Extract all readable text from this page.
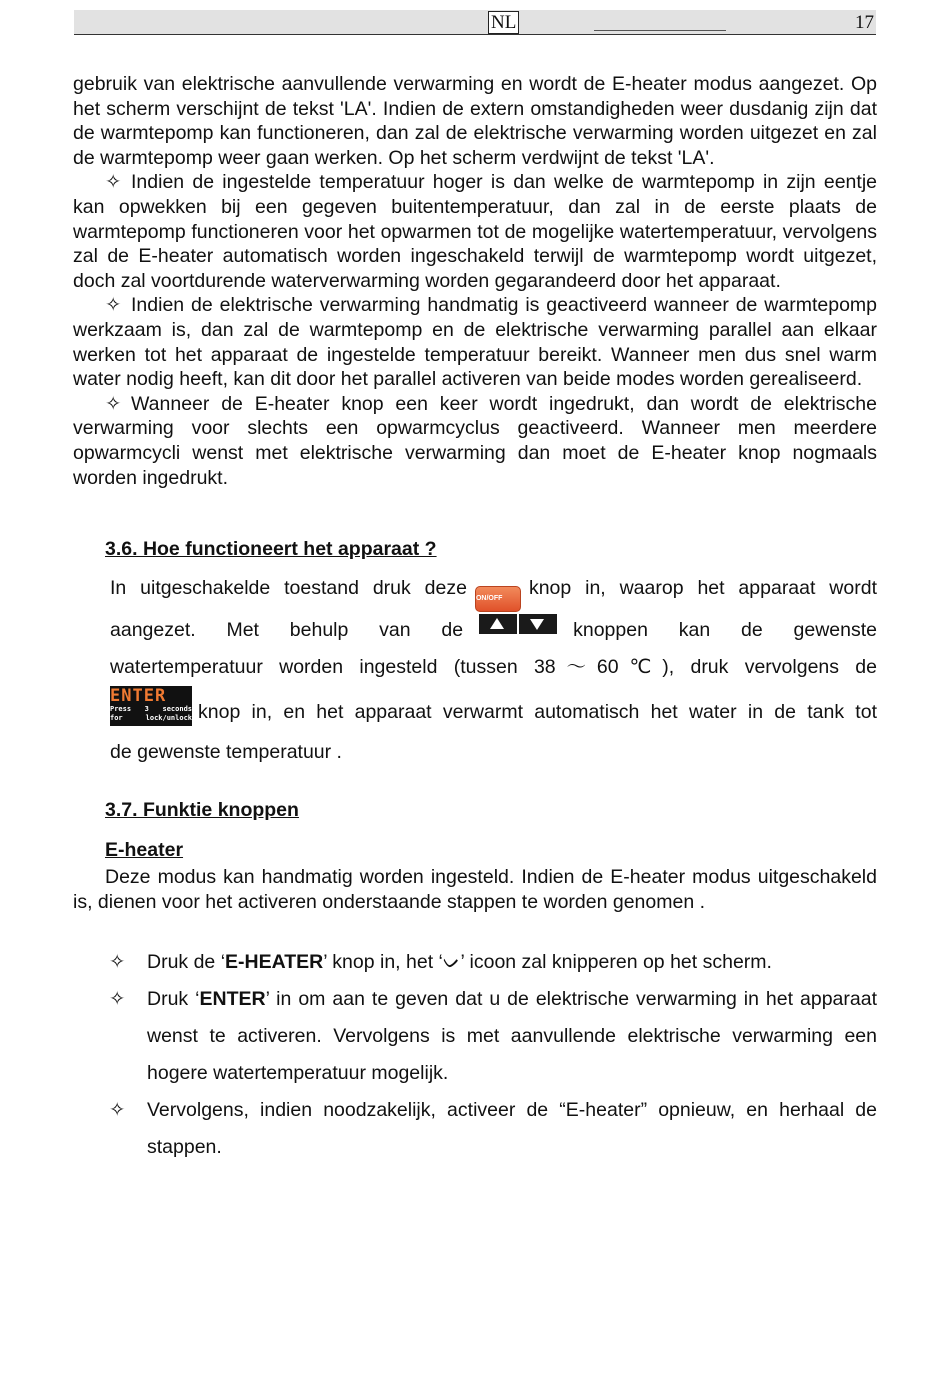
NL	17

gebruik van elektrische aanvullende verwarming en wordt de E-heater modus aangezet. Op het scherm verschijnt de tekst 'LA'. Indien de extern omstandigheden weer dusdanig zijn dat de warmtepomp kan functioneren, dan zal de elektrische verwarming worden uitgezet en zal de warmtepomp weer gaan werken. Op het scherm verdwijnt de tekst 'LA'.

✧ Indien de ingestelde temperatuur hoger is dan welke de warmtepomp in zijn eentje kan opwekken bij een gegeven buitentemperatuur, dan zal in de eerste plaats de warmtepomp functioneren voor het opwarmen tot de mogelijke watertemperatuur, vervolgens zal de E-heater automatisch worden ingeschakeld terwijl de warmtepomp wordt uitgezet, doch zal voortdurende waterverwarming worden gegarandeerd door het apparaat.

✧ Indien de elektrische verwarming handmatig is geactiveerd wanneer de warmtepomp werkzaam is, dan zal de warmtepomp en de elektrische verwarming parallel aan elkaar werken tot het apparaat de ingestelde temperatuur bereikt. Wanneer men dus snel warm water nodig heeft, kan dit door het parallel activeren van beide modes worden gerealiseerd.

✧ Wanneer de E-heater knop een keer wordt ingedrukt, dan wordt de elektrische verwarming voor slechts een opwarmcyclus geactiveerd. Wanneer men meerdere opwarmcycli wenst met elektrische verwarming dan moet de E-heater knop nogmaals worden ingedrukt.

3.6. Hoe functioneert het apparaat ?
In uitgeschakelde toestand druk deze ON/OFF knop in, waarop het apparaat wordt
aangezet. Met behulp van de	knoppen kan de gewenste
watertemperatuur worden ingesteld (tussen 38～60℃), druk vervolgens de
ENTER
Press 3 seconds
for lock/unlock knop in, en het apparaat verwarmt automatisch het water in de tank tot
de gewenste temperatuur .
3.7. Funktie knoppen
E-heater

Deze modus kan handmatig worden ingesteld. Indien de E-heater modus uitgeschakeld is, dienen voor het activeren onderstaande stappen te worden genomen .

✧ Druk de ‘E-HEATER’ knop in, het ‘ᨆ’ icoon zal knipperen op het scherm.
✧ Druk ‘ENTER’ in om aan te geven dat u de elektrische verwarming in het apparaat wenst te activeren. Vervolgens is met aanvullende elektrische verwarming een hogere watertemperatuur mogelijk.
✧ Vervolgens, indien noodzakelijk, activeer de “E-heater” opnieuw, en herhaal de stappen.
